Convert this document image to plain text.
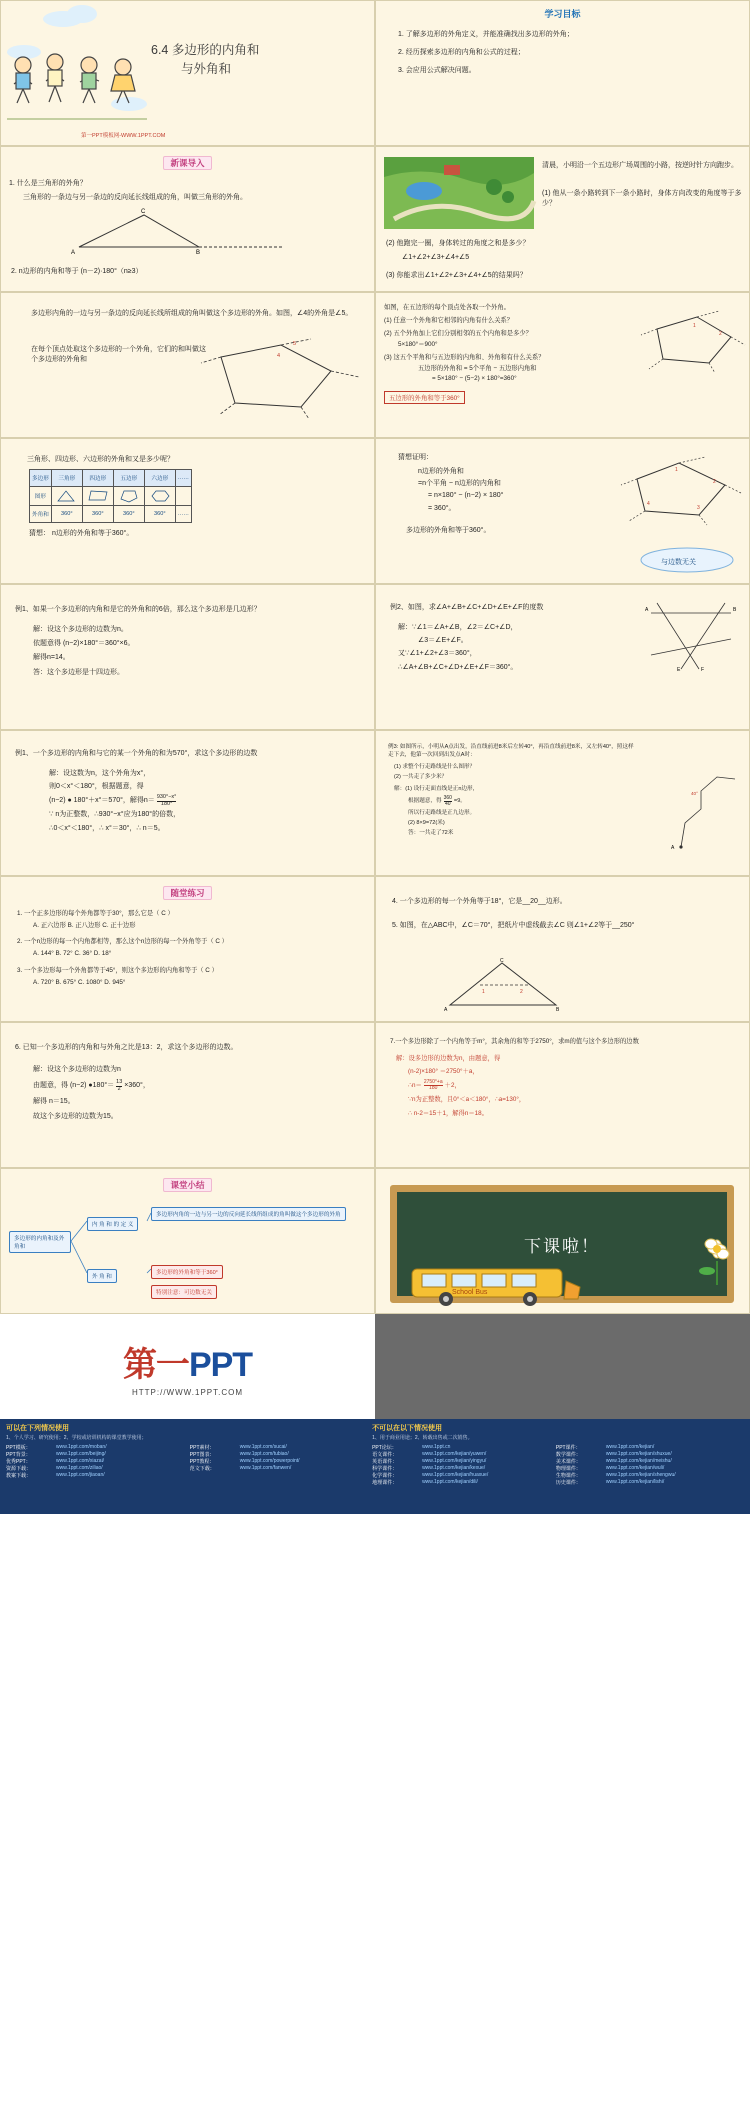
6.4 多边形的内角和
与外角和
第一PPT模板网-WWW.1PPT.COM
学习目标
1. 了解多边形的外角定义，并能准确找出多边形的外角；
2. 经历探索多边形的内角和公式的过程；
3. 会应用公式解决问题。
新课导入
1. 什么是三角形的外角？
三角形的一条边与另一条边的反向延长线组成的角，叫做三角形的外角。
A	B
C
2. n边形的内角和等于 (n－2)·180°（n≥3）
清晨，小明沿一个五边形广场周围的小路，按逆时针方向跑步。
(1) 他从一条小路转到下一条小路时，身体方向改变的角度等于多少？
(2) 他跑完一圈，身体转过的角度之和是多少？
∠1+∠2+∠3+∠4+∠5
(3) 你能求出∠1+∠2+∠3+∠4+∠5的结果吗？
多边形内角的一边与另一条边的反向延长线所组成的角叫做这个多边形的外角。如图，∠4的外角是∠5。
在每个顶点处取这个多边形的一个外角，它们的和叫做这个多边形的外角和
4
5
如图，在五边形的每个顶点处各取一个外角。
(1) 任意一个外角和它相邻的内角有什么关系？
(2) 五个外角加上它们分别相邻的五个内角和是多少？
5×180°＝900°
(3) 这五个平角和与五边形的内角和、外角和有什么关系？
五边形的外角和 = 5个平角 − 五边形内角和
= 5×180° − (5−2) × 180°=360°
五边形的外角和等于360°
1
2
三角形、四边形、六边形的外角和又是多少呢？
多边形	三角形	四边形	五边形	六边形	……
图形	

外角和	360°	360°	360°	360°	……
猜想： n边形的外角和等于360°。
猜想证明：
n边形的外角和
=n个平角 − n边形的内角和
= n×180° − (n−2) × 180°
= 360°。
多边形的外角和等于360°。
1
2
3
4
与边数无关
例1、如果一个多边形的内角和是它的外角和的6倍，那么这个多边形是几边形？
解：设这个多边形的边数为n。
依题意得 (n−2)×180°＝360°×6。
解得n=14。
答：这个多边形是十四边形。
例2、如图，求∠A+∠B+∠C+∠D+∠E+∠F的度数
解：∵∠1＝∠A+∠B，∠2＝∠C+∠D，
∠3＝∠E+∠F。
又∵∠1+∠2+∠3＝360°，
∴∠A+∠B+∠C+∠D+∠E+∠F＝360°。
A	B
E	F
例1、一个多边形的内角和与它的某一个外角的和为570°，求这个多边形的边数
解：设这数为n，这个外角为x°，
则0＜x°＜180°，根据题意，得
(n−2) ● 180°＋x°＝570°，解得n＝ 930°−x°
180°
∵ n为正整数，∴930°−x°应为180°的倍数，
∴0＜x°＜180°，∴ x°＝30°，∴ n＝5。
例3: 如图所示，小明从A点出发，沿直线前进8米后左转40°，再沿直线前进8米，又左转40°，照这样走下去，他第一次回到出发点A时：
(1) 求整个行走路线是什么图形？
(2) 一共走了多少米？
解：(1) 设行走面直线是正n边形，
根据题意，得 $\frac{360}{40} =9$。
所以行走路线是正九边形。
(2) 8×9=72(米)
答：一共走了72米
A
40°
随堂练习
1. 一个正多边形的每个外角都等于30°，那么它是（ C ）
A. 正六边形 B. 正八边形 C. 正十边形
2. 一个n边形的每一个内角都相等，那么这个n边形的每一个外角等于（ C ）
A. 144° B. 72° C. 36° D. 18°
3. 一个多边形每一个外角都等于45°，则这个多边形的内角和等于（ C ）
A. 720° B. 675° C. 1080° D. 945°
4. 一个多边形的每一个外角等于18°，它是__20__边形。
5. 如图，在△ABC中，∠C＝70°，把纸片中虚线截去∠C 则∠1+∠2等于__250°
A	B
C
1	2
6. 已知一个多边形的内角和与外角之比是13：2，求这个多边形的边数。
解：设这个多边形的边数为n
由题意，得 (n−2) ●180°＝ $\frac{13}{2} \times 360^\circ$，
解得 n＝15。
故这个多边形的边数为15。
7.一个多边形除了一个内角等于m°，其余角的和等于2750°，求m的值与这个多边形的边数
解：设多边形的边数为n，由题意，得
(n-2)×180° ＝2750°＋a，
∴n＝ 2750°+a
180	＋2，
∵n为正整数，且0°＜a＜180°，∴a=130°，
∴ n-2＝15＋1，解得n＝18。
课堂小结
多边形的内角和及外角和
内 角 和 的 定 义
外 角 和
多边形内角的一边与另一边的反向延长线所组成的角叫做这个多边形的外角
多边形的外角和等于360°
特别注意：可边数无关
下课啦！
School Bus
第一PPT
HTTP://WWW.1PPT.COM
可以在下列情况使用

1、个人学习、研究使用；2、学校或培训机构的课堂教学使用；

PPT模板：	www.1ppt.com/moban/	PPT素材：	www.1ppt.com/sucai/
PPT背景：	www.1ppt.com/beijing/	PPT图表：	www.1ppt.com/tubiao/
优秀PPT：	www.1ppt.com/xiazai/	PPT教程：	www.1ppt.com/powerpoint/
资源下载：	www.1ppt.com/ziliao/	范文下载：	www.1ppt.com/fanwen/
教案下载：	www.1ppt.com/jiaoan/

不可以在以下情况使用

1、用于商业用途；2、转载出售或二次销售。

PPT论坛：	www.1ppt.cn	PPT课件：	www.1ppt.com/kejian/
语文课件：	www.1ppt.com/kejian/yuwen/	数学课件：	www.1ppt.com/kejian/shuxue/
英语课件：	www.1ppt.com/kejian/yingyu/	美术课件：	www.1ppt.com/kejian/meishu/
科学课件：	www.1ppt.com/kejian/kexue/	物理课件：	www.1ppt.com/kejian/wuli/
化学课件：	www.1ppt.com/kejian/huaxue/	生物课件：	www.1ppt.com/kejian/shengwu/
地理课件：	www.1ppt.com/kejian/dili/	历史课件：	www.1ppt.com/kejian/lishi/
